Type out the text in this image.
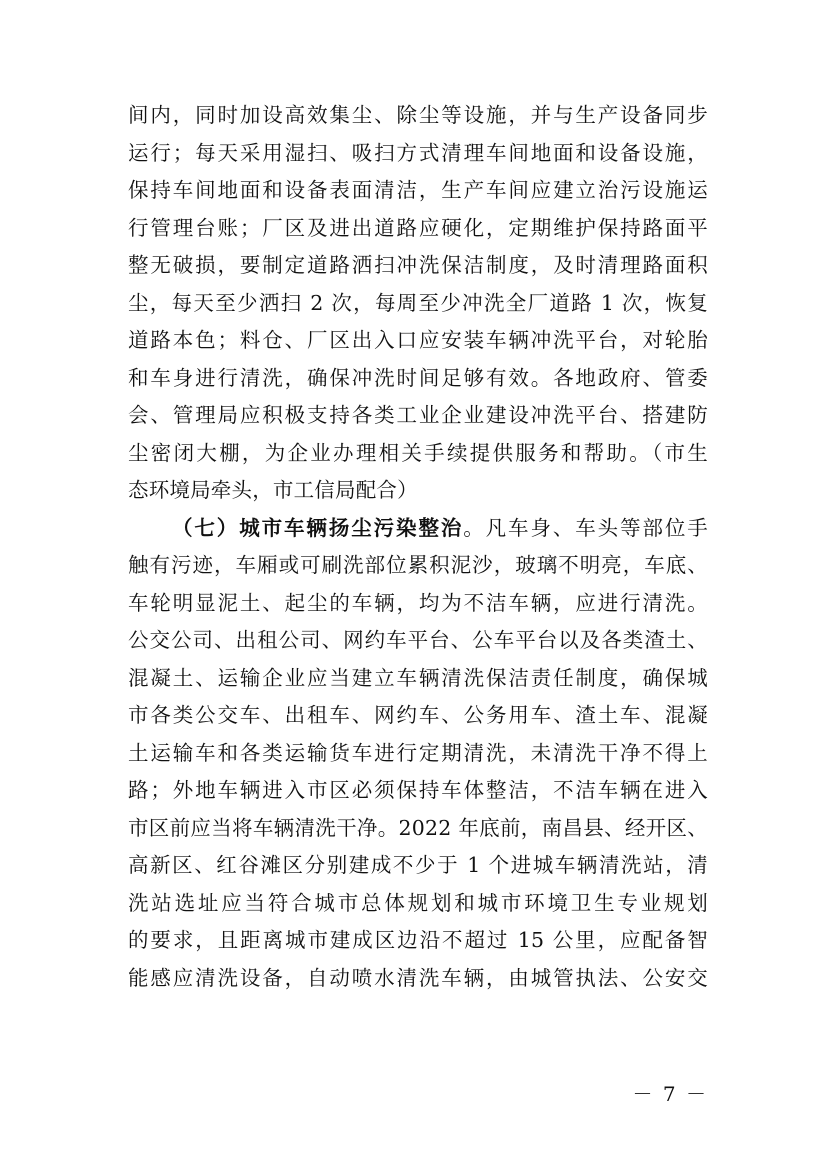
间内，同时加设高效集尘、除尘等设施，并与生产设备同步
运行；每天采用湿扫、吸扫方式清理车间地面和设备设施，
保持车间地面和设备表面清洁，生产车间应建立治污设施运
行管理台账；厂区及进出道路应硬化，定期维护保持路面平
整无破损，要制定道路洒扫冲洗保洁制度，及时清理路面积
尘，每天至少洒扫 2 次，每周至少冲洗全厂道路 1 次，恢复
道路本色；料仓、厂区出入口应安装车辆冲洗平台，对轮胎
和车身进行清洗，确保冲洗时间足够有效。各地政府、管委
会、管理局应积极支持各类工业企业建设冲洗平台、搭建防
尘密闭大棚，为企业办理相关手续提供服务和帮助。（市生
态环境局牵头，市工信局配合）
（七）城市车辆扬尘污染整治。凡车身、车头等部位手
触有污迹，车厢或可刷洗部位累积泥沙，玻璃不明亮，车底、
车轮明显泥土、起尘的车辆，均为不洁车辆，应进行清洗。
公交公司、出租公司、网约车平台、公车平台以及各类渣土、
混凝土、运输企业应当建立车辆清洗保洁责任制度，确保城
市各类公交车、出租车、网约车、公务用车、渣土车、混凝
土运输车和各类运输货车进行定期清洗，未清洗干净不得上
路；外地车辆进入市区必须保持车体整洁，不洁车辆在进入
市区前应当将车辆清洗干净。2022 年底前，南昌县、经开区、
高新区、红谷滩区分别建成不少于 1 个进城车辆清洗站，清
洗站选址应当符合城市总体规划和城市环境卫生专业规划
的要求，且距离城市建成区边沿不超过 15 公里，应配备智
能感应清洗设备，自动喷水清洗车辆，由城管执法、公安交
－ 7 －
